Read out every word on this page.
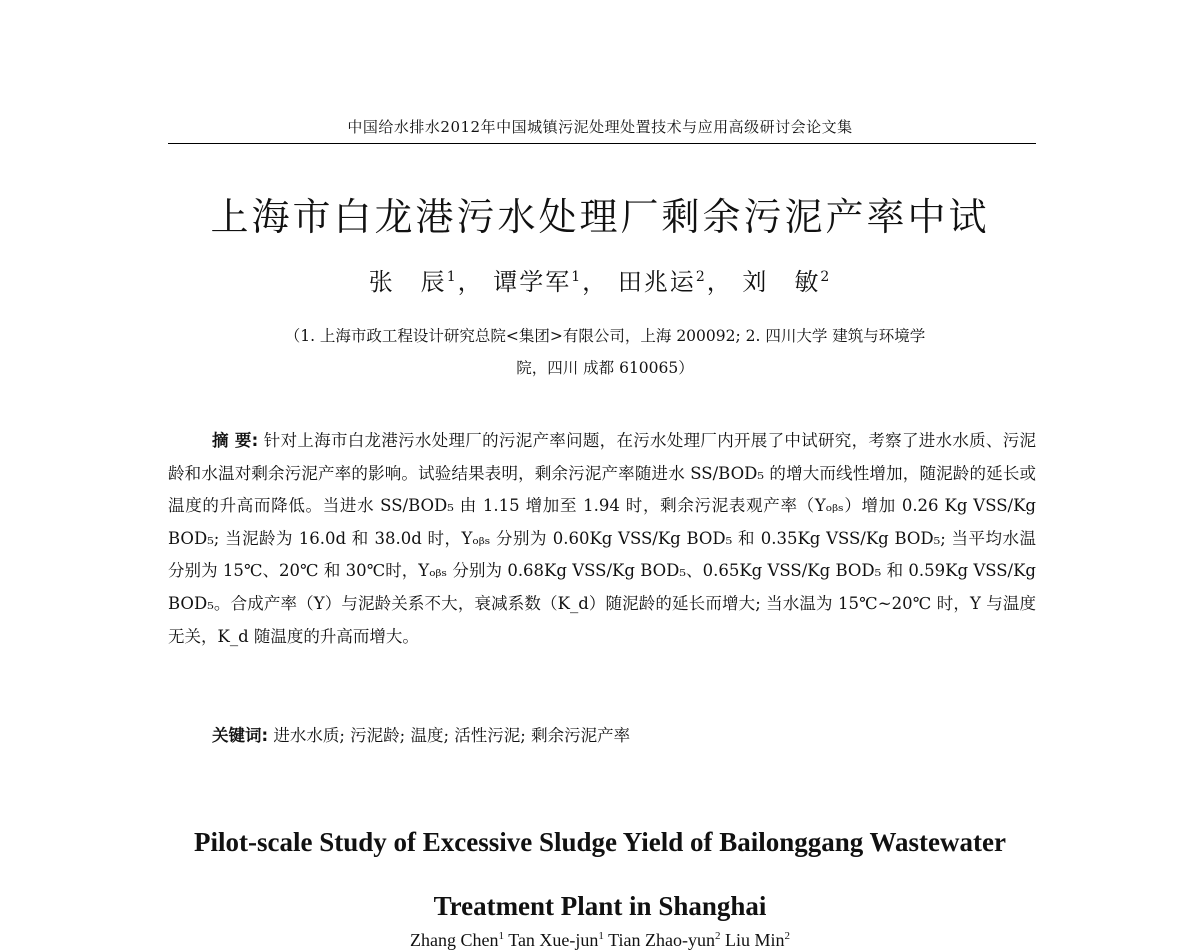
中国给水排水2012年中国城镇污泥处理处置技术与应用高级研讨会论文集
上海市白龙港污水处理厂剩余污泥产率中试
张　辰$^1$， 谭学军$^1$， 田兆运$^2$， 刘　敏$^2$
（1. 上海市政工程设计研究总院<集团>有限公司，上海 200092; 2. 四川大学 建筑与环境学
院，四川 成都 610065）

摘 要: 针对上海市白龙港污水处理厂的污泥产率问题，在污水处理厂内开展了中试研究，考察了进水水质、污泥龄和水温对剩余污泥产率的影响。试验结果表明，剩余污泥产率随进水 SS/BOD₅ 的增大而线性增加，随泥龄的延长或温度的升高而降低。当进水 SS/BOD₅ 由 1.15 增加至 1.94 时，剩余污泥表观产率（Yₒᵦₛ）增加 0.26 Kg VSS/Kg BOD₅; 当泥龄为 16.0d 和 38.0d 时，Yₒᵦₛ 分别为 0.60Kg VSS/Kg BOD₅ 和 0.35Kg VSS/Kg BOD₅; 当平均水温分别为 15℃、20℃ 和 30℃时，Yₒᵦₛ 分别为 0.68Kg VSS/Kg BOD₅、0.65Kg VSS/Kg BOD₅ 和 0.59Kg VSS/Kg BOD₅。合成产率（Y）与泥龄关系不大，衰减系数（K_d）随泥龄的延长而增大; 当水温为 15℃~20℃ 时，Y 与温度无关，K_d 随温度的升高而增大。

关键词: 进水水质; 污泥龄; 温度; 活性污泥; 剩余污泥产率
Pilot-scale Study of Excessive Sludge Yield of Bailonggang Wastewater
Treatment Plant in Shanghai
Zhang Chen$^1$ Tan Xue-jun$^1$ Tian Zhao-yun$^2$ Liu Min$^2$
